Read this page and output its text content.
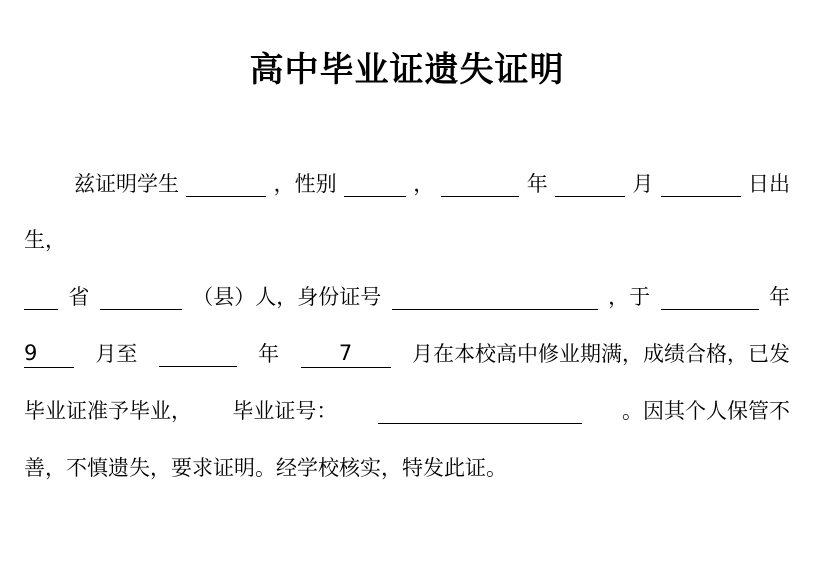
高中毕业证遗失证明
兹证明学生	，性别	，	年	月	日出
生，
省	（县）人，身份证号	，于	年
9	月至	年	7	月在本校高中修业期满，成绩合格，已发
毕业证准予毕业， 毕业证号：	。因其个人保管不
善，不慎遗失，要求证明。经学校核实，特发此证。
